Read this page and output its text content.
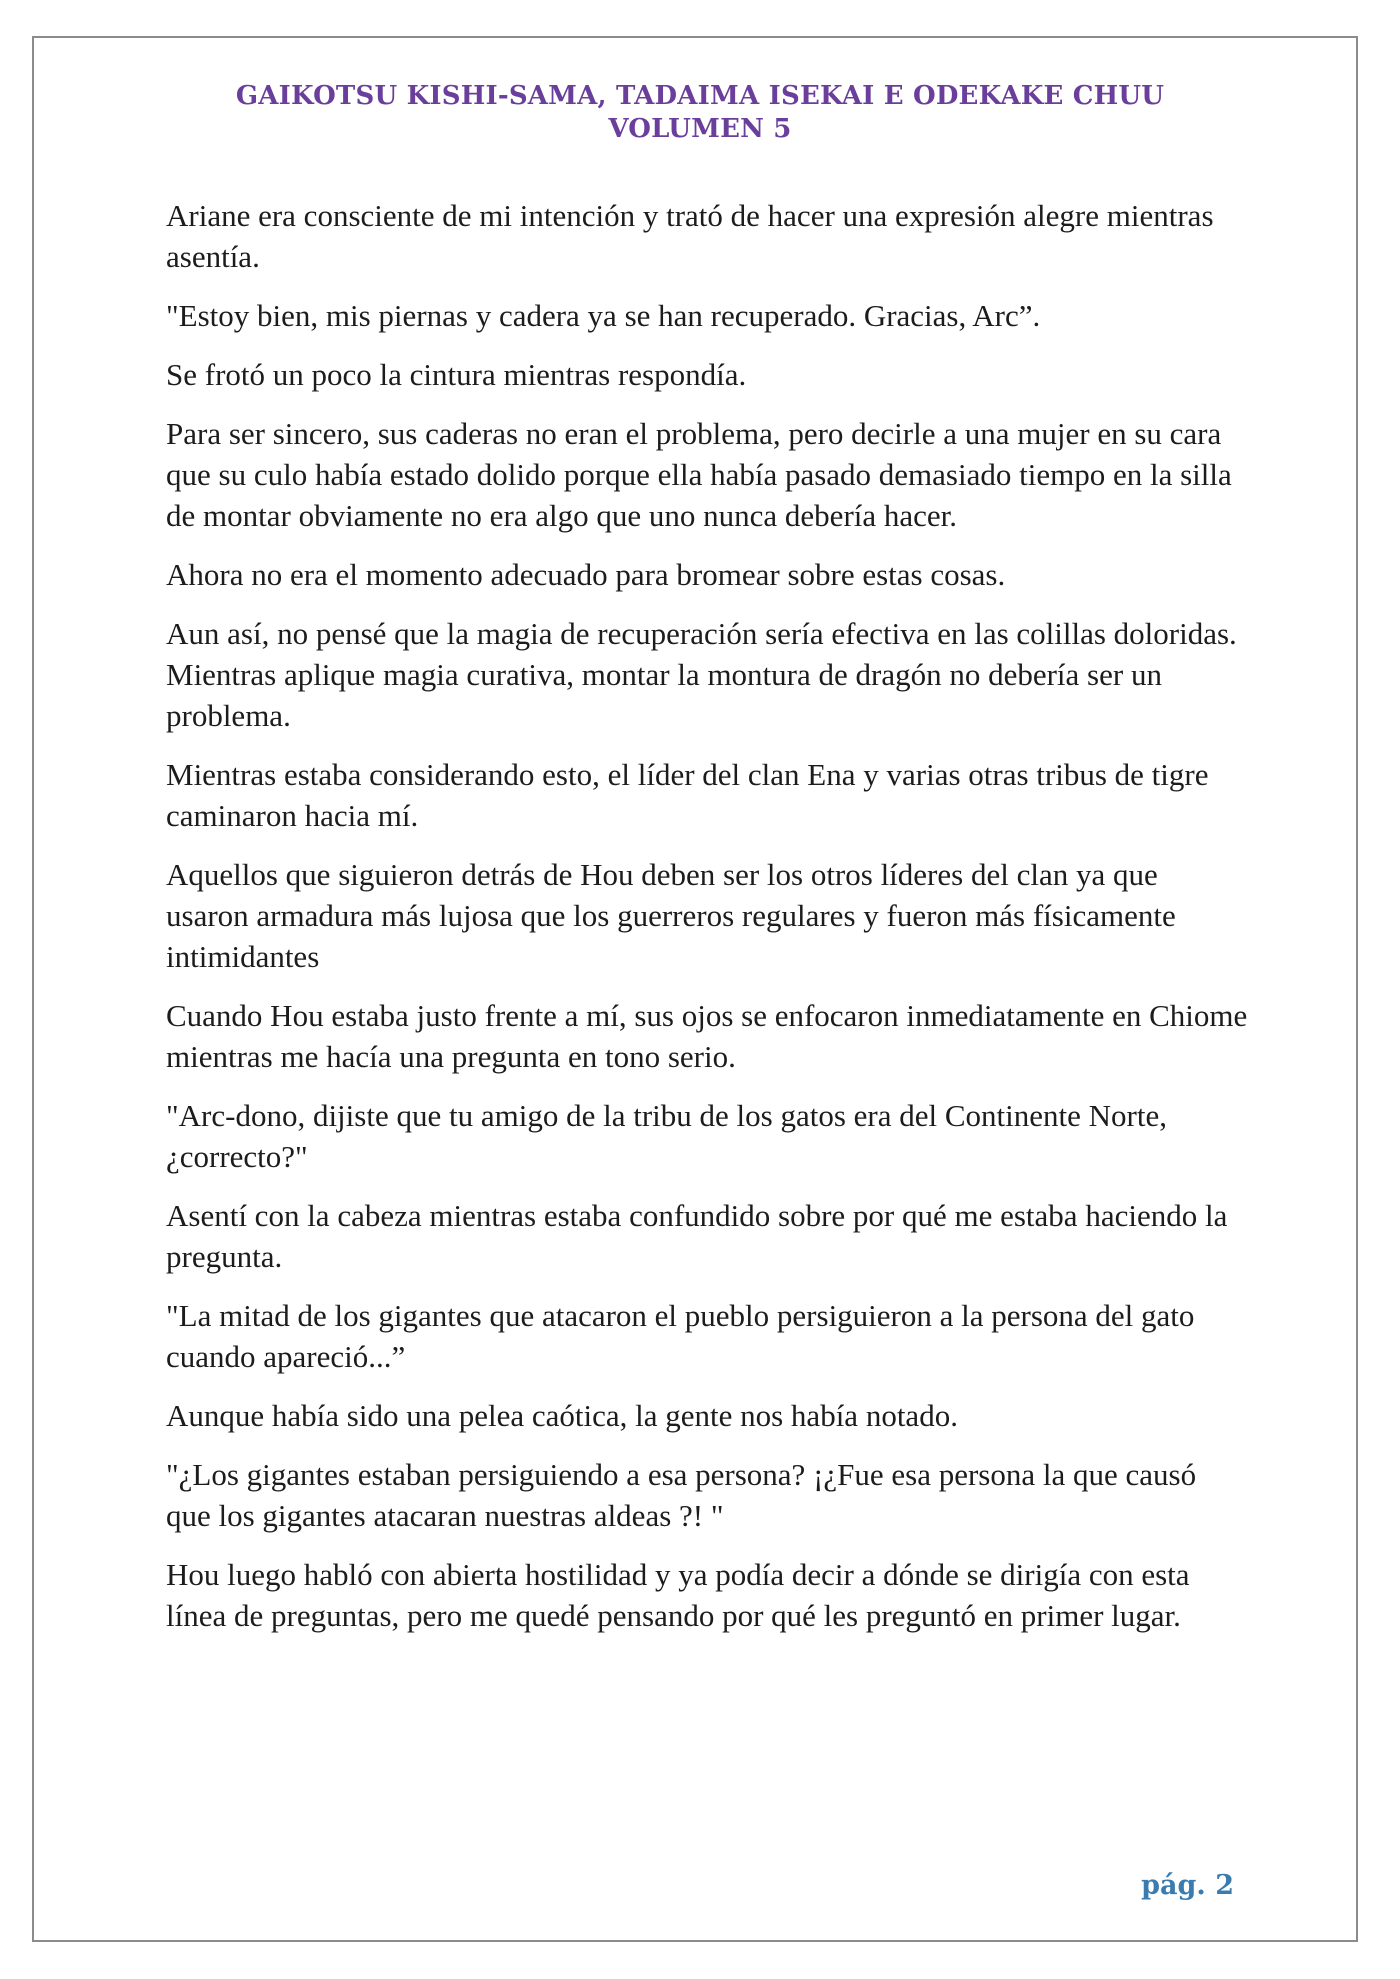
GAIKOTSU KISHI-SAMA, TADAIMA ISEKAI E ODEKAKE CHUU
VOLUMEN 5

Ariane era consciente de mi intención y trató de hacer una expresión alegre mientras asentía.

"Estoy bien, mis piernas y cadera ya se han recuperado. Gracias, Arc”.

Se frotó un poco la cintura mientras respondía.

Para ser sincero, sus caderas no eran el problema, pero decirle a una mujer en su cara que su culo había estado dolido porque ella había pasado demasiado tiempo en la silla de montar obviamente no era algo que uno nunca debería hacer.

Ahora no era el momento adecuado para bromear sobre estas cosas.

Aun así, no pensé que la magia de recuperación sería efectiva en las colillas doloridas. Mientras aplique magia curativa, montar la montura de dragón no debería ser un problema.

Mientras estaba considerando esto, el líder del clan Ena y varias otras tribus de tigre caminaron hacia mí.

Aquellos que siguieron detrás de Hou deben ser los otros líderes del clan ya que usaron armadura más lujosa que los guerreros regulares y fueron más físicamente intimidantes

Cuando Hou estaba justo frente a mí, sus ojos se enfocaron inmediatamente en Chiome mientras me hacía una pregunta en tono serio.

"Arc-dono, dijiste que tu amigo de la tribu de los gatos era del Continente Norte, ¿correcto?"

Asentí con la cabeza mientras estaba confundido sobre por qué me estaba haciendo la pregunta.

"La mitad de los gigantes que atacaron el pueblo persiguieron a la persona del gato cuando apareció...”

Aunque había sido una pelea caótica, la gente nos había notado.

"¿Los gigantes estaban persiguiendo a esa persona? ¡¿Fue esa persona la que causó que los gigantes atacaran nuestras aldeas ?! "

Hou luego habló con abierta hostilidad y ya podía decir a dónde se dirigía con esta línea de preguntas, pero me quedé pensando por qué les preguntó en primer lugar.

pág. 2
